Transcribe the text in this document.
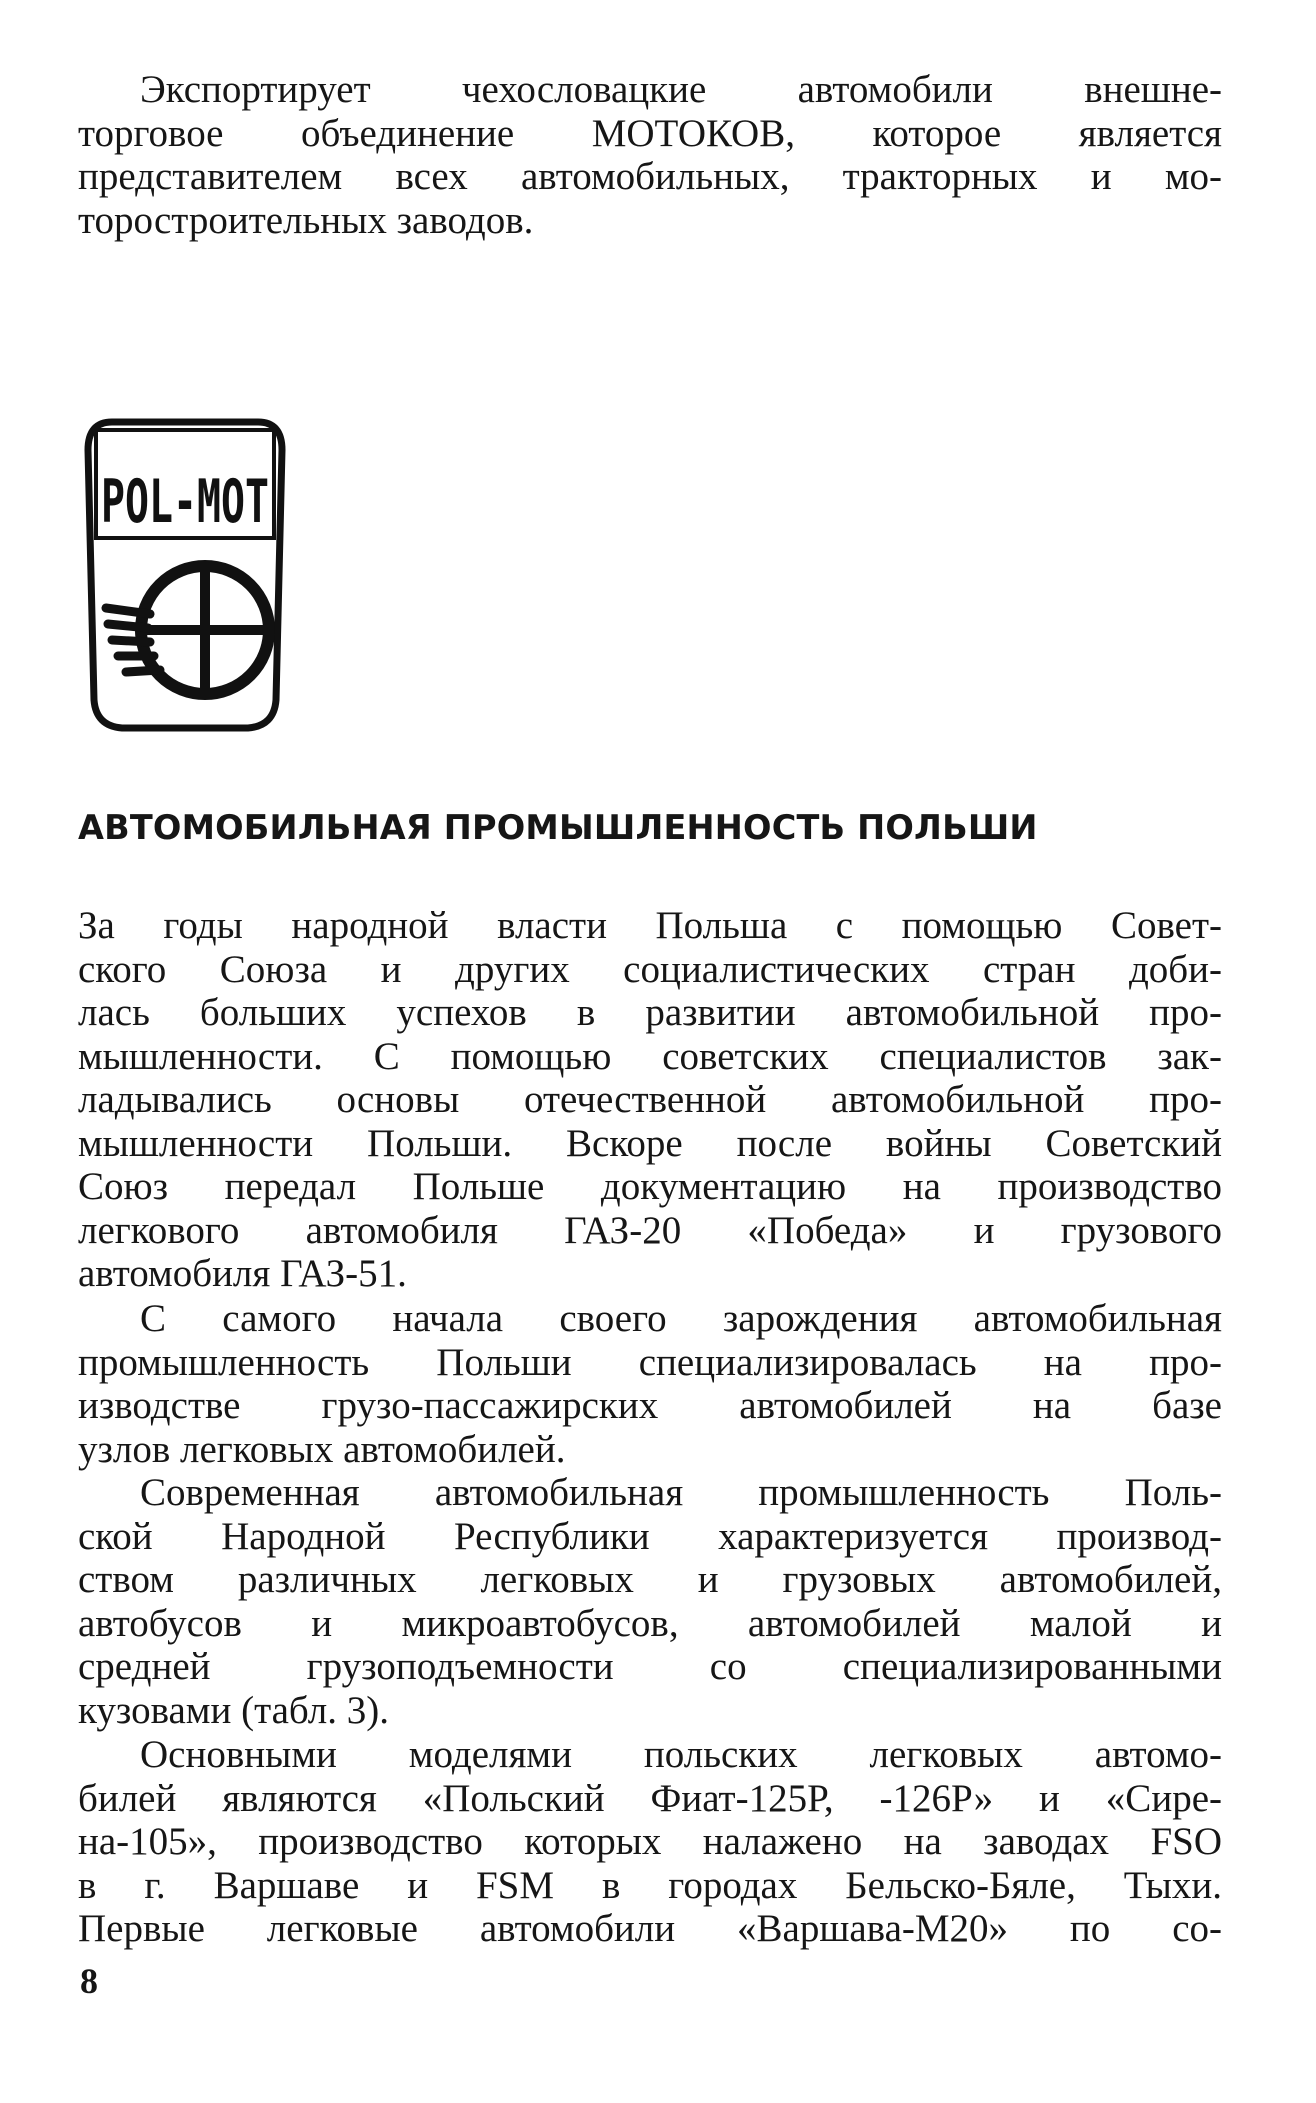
Экспортирует чехословацкие автомобили внешне-
торговое объединение МОТОКОВ, которое является
представителем всех автомобильных, тракторных и мо-
торостроительных заводов.
POL-MOT
АВТОМОБИЛЬНАЯ ПРОМЫШЛЕННОСТЬ ПОЛЬШИ
За годы народной власти Польша с помощью Совет-
ского Союза и других социалистических стран доби-
лась больших успехов в развитии автомобильной про-
мышленности. С помощью советских специалистов зак-
ладывались основы отечественной автомобильной про-
мышленности Польши. Вскоре после войны Советский
Союз передал Польше документацию на производство
легкового автомобиля ГАЗ-20 «Победа» и грузового
автомобиля ГАЗ-51.
С самого начала своего зарождения автомобильная
промышленность Польши специализировалась на про-
изводстве грузо-пассажирских автомобилей на базе
узлов легковых автомобилей.
Современная автомобильная промышленность Поль-
ской Народной Республики характеризуется производ-
ством различных легковых и грузовых автомобилей,
автобусов и микроавтобусов, автомобилей малой и
средней грузоподъемности со специализированными
кузовами (табл. 3).
Основными моделями польских легковых автомо-
билей являются «Польский Фиат-125Р, -126Р» и «Сире-
на-105», производство которых налажено на заводах FSO
в г. Варшаве и FSM в городах Бельско-Бяле, Тыхи.
Первые легковые автомобили «Варшава-М20» по со-
8
